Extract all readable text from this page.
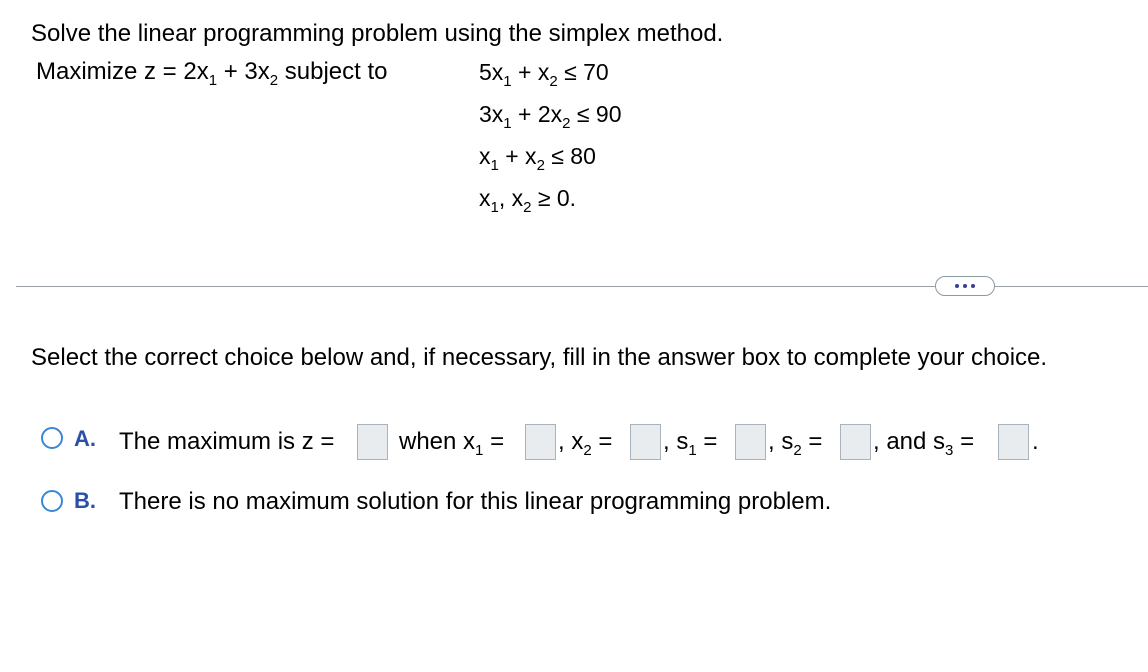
Solve the linear programming problem using the simplex method.
Maximize $z = 2x_1 + 3x_2$ subject to	$5x_1 + x_2 \le 70$
$3x_1 + 2x_2 \le 90$
$x_1 + x_2 \le 80$
$x_1$, $x_2 \ge 0$.
Select the correct choice below and, if necessary, fill in the answer box to complete your choice.
A. The maximum is z =	when $x_1$ = , $x_2$ = , $s_1$ = , $s_2$ = , and $s_3$ = .
B. There is no maximum solution for this linear programming problem.
